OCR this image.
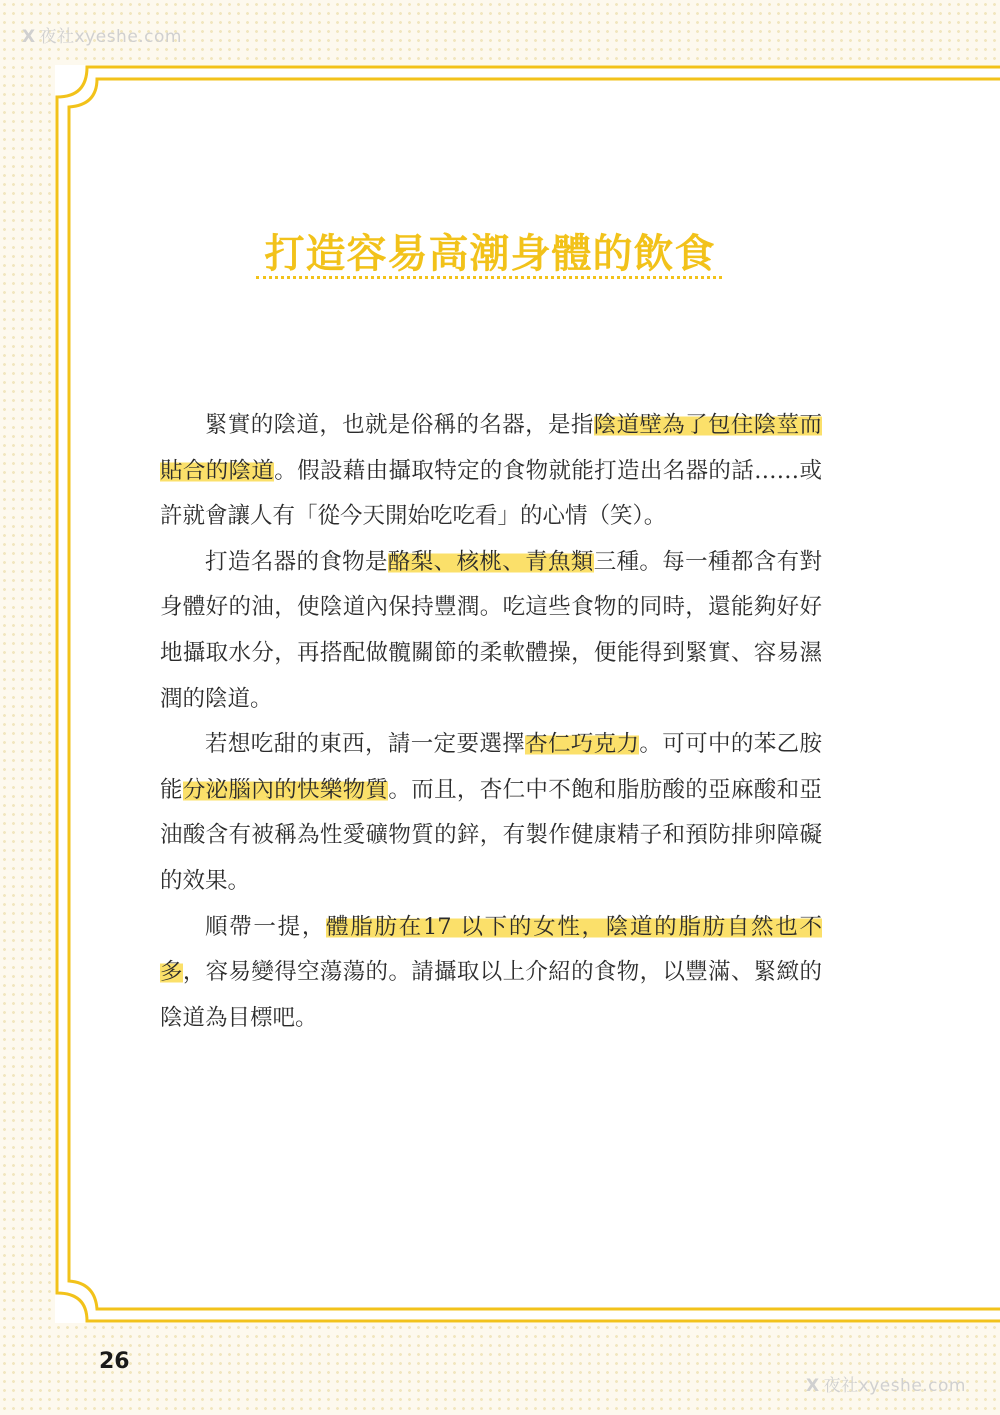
X 夜社xyeshe.com
打造容易高潮身體的飲食

緊實的陰道，也就是俗稱的名器，是指陰道壁為了包住陰莖而貼合的陰道。假設藉由攝取特定的食物就能打造出名器的話……或許就會讓人有「從今天開始吃吃看」的心情（笑）。

打造名器的食物是酪梨、核桃、青魚類三種。每一種都含有對身體好的油，使陰道內保持豐潤。吃這些食物的同時，還能夠好好地攝取水分，再搭配做髖關節的柔軟體操，便能得到緊實、容易濕潤的陰道。

若想吃甜的東西，請一定要選擇杏仁巧克力。可可中的苯乙胺能分泌腦內的快樂物質。而且，杏仁中不飽和脂肪酸的亞麻酸和亞油酸含有被稱為性愛礦物質的鋅，有製作健康精子和預防排卵障礙的效果。

順帶一提，體脂肪在17 以下的女性，陰道的脂肪自然也不多，容易變得空蕩蕩的。請攝取以上介紹的食物，以豐滿、緊緻的陰道為目標吧。

26
X 夜社xyeshe.com
